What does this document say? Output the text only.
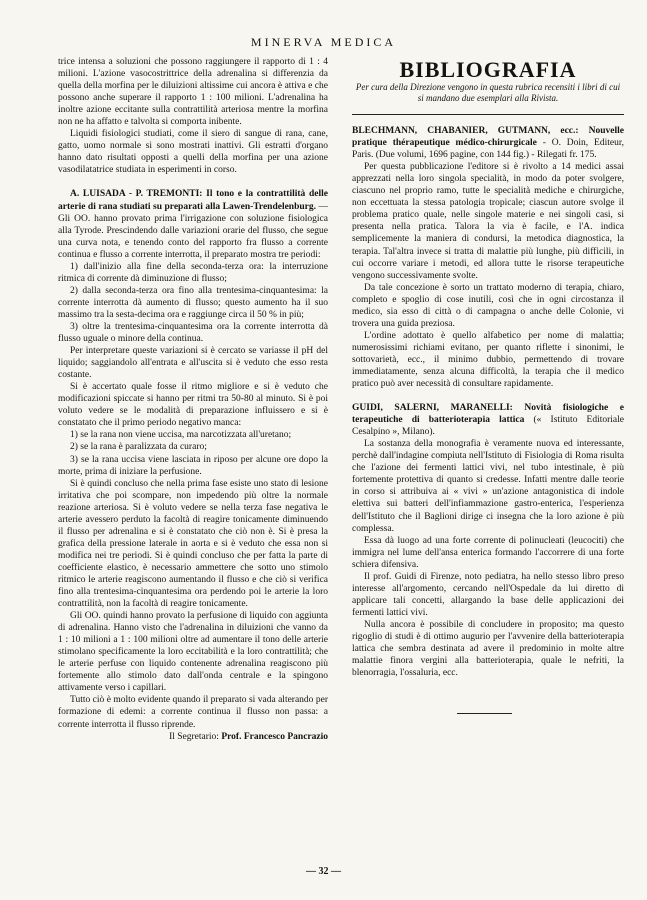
MINERVA MEDICA

trice intensa a soluzioni che possono raggiungere il rapporto di 1 : 4 milioni. L'azione vasocostrittrice della adrenalina si differenzia da quella della morfina per le diluizioni altissime cui ancora è attiva e che possono anche superare il rapporto 1 : 100 milioni. L'adrenalina ha inoltre azione eccitante sulla contrattilità arteriosa mentre la morfina non ne ha affatto e talvolta si comporta inibente.

Liquidi fisiologici studiati, come il siero di sangue di rana, cane, gatto, uomo normale si sono mostrati inattivi. Gli estratti d'organo hanno dato risultati opposti a quelli della morfina per una azione vasodilatatrice studiata in esperimenti in corso.

A. LUISADA - P. TREMONTI: Il tono e la contrattilità delle arterie di rana studiati su preparati alla Lawen-Trendelenburg. — Gli OO. hanno provato prima l'irrigazione con soluzione fisiologica alla Tyrode. Prescindendo dalle variazioni orarie del flusso, che segue una curva nota, e tenendo conto del rapporto fra flusso a corrente continua e flusso a corrente interrotta, il preparato mostra tre periodi:

1) dall'inizio alla fine della seconda-terza ora: la interruzione ritmica di corrente dà diminuzione di flusso;

2) dalla seconda-terza ora fino alla trentesima-cinquantesima: la corrente interrotta dà aumento di flusso; questo aumento ha il suo massimo tra la sesta-decima ora e raggiunge circa il 50 % in più;

3) oltre la trentesima-cinquantesima ora la corrente interrotta dà flusso uguale o minore della continua.

Per interpretare queste variazioni si è cercato se variasse il pH del liquido; saggiandolo all'entrata e all'uscita si è veduto che esso resta costante.

Si è accertato quale fosse il ritmo migliore e si è veduto che modificazioni spiccate si hanno per ritmi tra 50-80 al minuto. Si è poi voluto vedere se le modalità di preparazione influissero e si è constatato che il primo periodo negativo manca:

1) se la rana non viene uccisa, ma narcotizzata all'uretano;

2) se la rana è paralizzata da curaro;

3) se la rana uccisa viene lasciata in riposo per alcune ore dopo la morte, prima di iniziare la perfusione.

Si è quindi concluso che nella prima fase esiste uno stato di lesione irritativa che poi scompare, non impedendo più oltre la normale reazione arteriosa. Si è voluto vedere se nella terza fase negativa le arterie avessero perduto la facoltà di reagire tonicamente diminuendo il flusso per adrenalina e si è constatato che ciò non è. Si è presa la grafica della pressione laterale in aorta e si è veduto che essa non si modifica nei tre periodi. Si è quindi concluso che per fatta la parte di coefficiente elastico, è necessario ammettere che sotto uno stimolo ritmico le arterie reagiscono aumentando il flusso e che ciò si verifica fino alla trentesima-cinquantesima ora perdendo poi le arterie la loro contrattilità, non la facoltà di reagire tonicamente.

Gli OO. quindi hanno provato la perfusione di liquido con aggiunta di adrenalina. Hanno visto che l'adrenalina in diluizioni che vanno da 1 : 10 milioni a 1 : 100 milioni oltre ad aumentare il tono delle arterie stimolano specificamente la loro eccitabilità e la loro contrattilità; che le arterie perfuse con liquido contenente adrenalina reagiscono più fortemente allo stimolo dato dall'onda centrale e la spingono attivamente verso i capillari.

Tutto ciò è molto evidente quando il preparato si vada alterando per formazione di edemi: a corrente continua il flusso non passa: a corrente interrotta il flusso riprende.

Il Segretario: Prof. Francesco Pancrazio

BIBLIOGRAFIA

Per cura della Direzione vengono in questa rubrica recensiti i libri di cui si mandano due esemplari alla Rivista.

BLECHMANN, CHABANIER, GUTMANN, ecc.: Nouvelle pratique thérapeutique médico-chirurgicale - O. Doin, Editeur, Paris. (Due volumi, 1696 pagine, con 144 fig.) - Rilegati fr. 175.

Per questa pubblicazione l'editore si è rivolto a 14 medici assai apprezzati nella loro singola specialità, in modo da poter svolgere, ciascuno nel proprio ramo, tutte le specialità mediche e chirurgiche, non eccettuata la stessa patologia tropicale; ciascun autore svolge il problema pratico quale, nelle singole materie e nei singoli casi, si presenta nella pratica. Talora la via è facile, e l'A. indica semplicemente la maniera di condursi, la metodica diagnostica, la terapia. Tal'altra invece si tratta di malattie più lunghe, più difficili, in cui occorre variare i metodi, ed allora tutte le risorse terapeutiche vengono successivamente svolte.

Da tale concezione è sorto un trattato moderno di terapia, chiaro, completo e spoglio di cose inutili, così che in ogni circostanza il medico, sia esso di città o di campagna o anche delle Colonie, vi trovera una guida preziosa.

L'ordine adottato è quello alfabetico per nome di malattia; numerosissimi richiami evitano, per quanto riflette i sinonimi, le sottovarietà, ecc., il minimo dubbio, permettendo di trovare immediatamente, senza alcuna difficoltà, la terapia che il medico pratico può aver necessità di consultare rapidamente.

GUIDI, SALERNI, MARANELLI: Novità fisiologiche e terapeutiche di batterioterapia lattica (« Istituto Editoriale Cesalpino », Milano).

La sostanza della monografia è veramente nuova ed interessante, perchè dall'indagine compiuta nell'Istituto di Fisiologia di Roma risulta che l'azione dei fermenti lattici vivi, nel tubo intestinale, è più fortemente protettiva di quanto si credesse. Infatti mentre dalle teorie in corso si attribuiva ai « vivi » un'azione antagonistica di indole elettiva sui batteri dell'infiammazione gastro-enterica, l'esperienza dell'Istituto che il Baglioni dirige ci insegna che la loro azione è più complessa.

Essa dà luogo ad una forte corrente di polinucleati (leucociti) che immigra nel lume dell'ansa enterica formando l'accorrere di una forte schiera difensiva.

Il prof. Guidi di Firenze, noto pediatra, ha nello stesso libro preso interesse all'argomento, cercando nell'Ospedale da lui diretto di applicare tali concetti, allargando la base delle applicazioni dei fermenti lattici vivi.

Nulla ancora è possibile di concludere in proposito; ma questo rigoglio di studi è di ottimo augurio per l'avvenire della batterioterapia lattica che sembra destinata ad avere il predominio in molte altre malattie finora vergini alla batterioterapia, quale le nefriti, la blenorragia, l'ossaluria, ecc.

— 32 —
